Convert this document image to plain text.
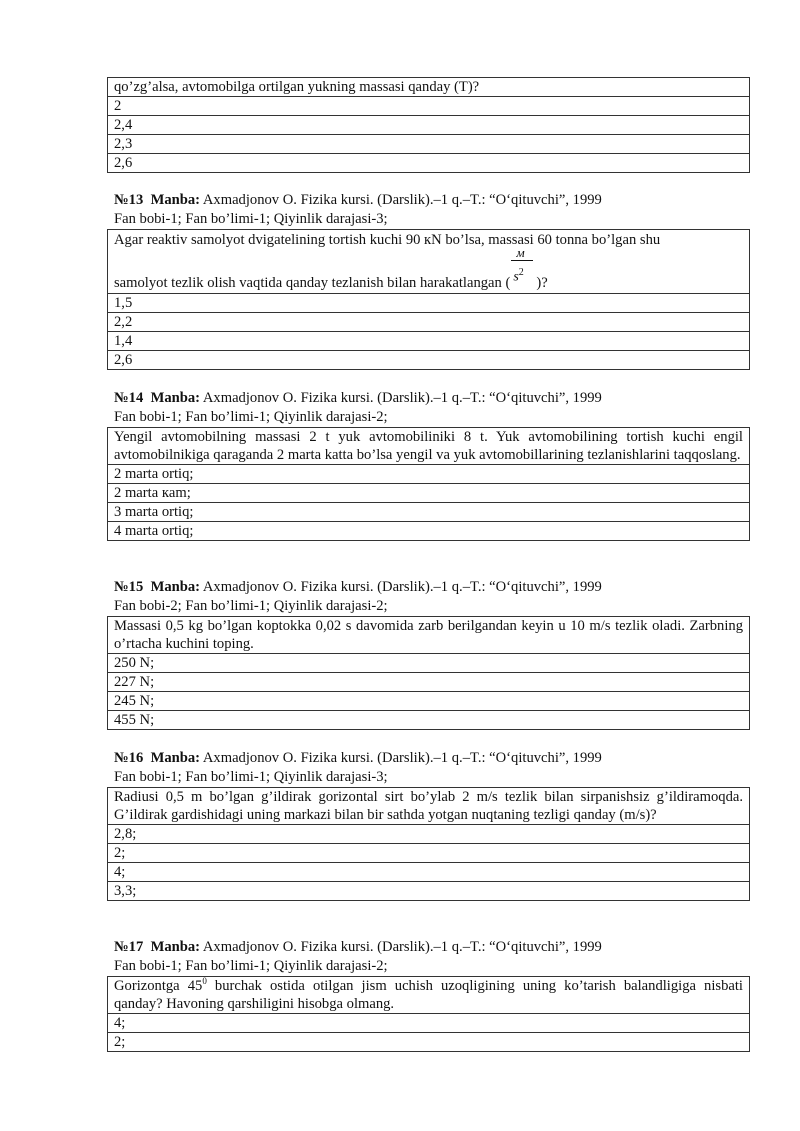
qo’zg’alsa, avtomobilga ortilgan yukning massasi qanday (T)?
2
2,4
2,3
2,6
№13 Manba: Axmadjonov O. Fizika kursi. (Darslik).–1 q.–T.: “O‘qituvchi”, 1999
Fan bobi-1; Fan bo’limi-1; Qiyinlik darajasi-3;
Agar reaktiv samolyot dvigatelining tortish kuchi 90 кN bo’lsa, massasi 60 tonna bo’lgan shu
samolyot tezlik olish vaqtida qanday tezlanish bilan harakatlangan ( $\frac{м}{s^2}$ )?

1,5
2,2
1,4
2,6
№14 Manba: Axmadjonov O. Fizika kursi. (Darslik).–1 q.–T.: “O‘qituvchi”, 1999
Fan bobi-1; Fan bo’limi-1; Qiyinlik darajasi-2;
Yengil avtomobilning massasi 2 t yuk avtomobiliniki 8 t. Yuk avtomobilining tortish kuchi engil avtomobilnikiga qaraganda 2 marta katta bo’lsa yengil va yuk avtomobillarining tezlanishlarini taqqoslang.
2 marta ortiq;
2 marta кam;
3 marta ortiq;
4 marta ortiq;
№15 Manba: Axmadjonov O. Fizika kursi. (Darslik).–1 q.–T.: “O‘qituvchi”, 1999
Fan bobi-2; Fan bo’limi-1; Qiyinlik darajasi-2;
Massasi 0,5 kg bo’lgan koptokka 0,02 s davomida zarb berilgandan keyin u 10 m/s tezlik oladi. Zarbning o’rtacha kuchini toping.
250 N;
227 N;
245 N;
455 N;
№16 Manba: Axmadjonov O. Fizika kursi. (Darslik).–1 q.–T.: “O‘qituvchi”, 1999
Fan bobi-1; Fan bo’limi-1; Qiyinlik darajasi-3;
Radiusi 0,5 m bo’lgan g’ildirak gorizontal sirt bo’ylab 2 m/s tezlik bilan sirpanishsiz g’ildiramoqda. G’ildirak gardishidagi uning markazi bilan bir sathda yotgan nuqtaning tezligi qanday (m/s)?
2,8;
2;
4;
3,3;
№17 Manba: Axmadjonov O. Fizika kursi. (Darslik).–1 q.–T.: “O‘qituvchi”, 1999
Fan bobi-1; Fan bo’limi-1; Qiyinlik darajasi-2;
Gorizontga $45^0$ burchak ostida otilgan jism uchish uzoqligining uning ko’tarish balandligiga nisbati qanday? Havoning qarshiligini hisobga olmang.
4;
2;
